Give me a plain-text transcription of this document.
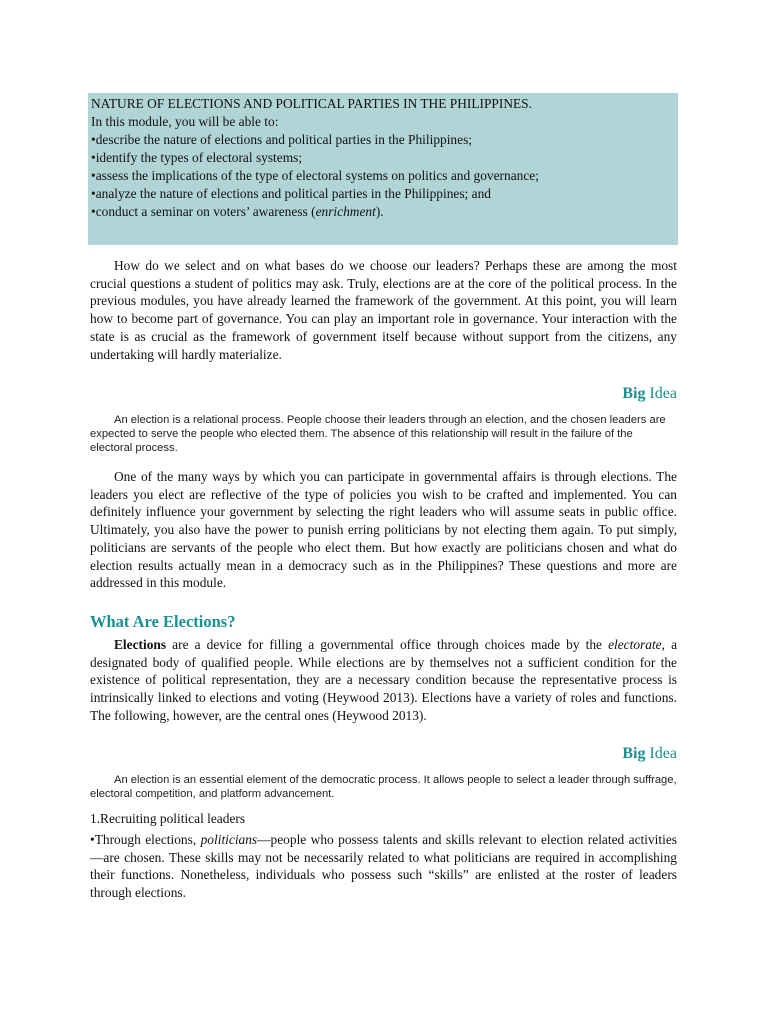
NATURE OF ELECTIONS AND POLITICAL PARTIES IN THE PHILIPPINES.

In this module, you will be able to:

•describe the nature of elections and political parties in the Philippines;

•identify the types of electoral systems;

•assess the implications of the type of electoral systems on politics and governance;

•analyze the nature of elections and political parties in the Philippines; and

•conduct a seminar on voters’ awareness (enrichment).

How do we select and on what bases do we choose our leaders? Perhaps these are among the most crucial questions a student of politics may ask. Truly, elections are at the core of the political process. In the previous modules, you have already learned the framework of the government. At this point, you will learn how to become part of governance. You can play an important role in governance. Your interaction with the state is as crucial as the framework of government itself because without support from the citizens, any undertaking will hardly materialize.

Big Idea

An election is a relational process. People choose their leaders through an election, and the chosen leaders are expected to serve the people who elected them. The absence of this relationship will result in the failure of the electoral process.

One of the many ways by which you can participate in governmental affairs is through elections. The leaders you elect are reflective of the type of policies you wish to be crafted and implemented. You can definitely influence your government by selecting the right leaders who will assume seats in public office. Ultimately, you also have the power to punish erring politicians by not electing them again. To put simply, politicians are servants of the people who elect them. But how exactly are politicians chosen and what do election results actually mean in a democracy such as in the Philippines? These questions and more are addressed in this module.

What Are Elections?

Elections are a device for filling a governmental office through choices made by the electorate, a designated body of qualified people. While elections are by themselves not a sufficient condition for the existence of political representation, they are a necessary condition because the representative process is intrinsically linked to elections and voting (Heywood 2013). Elections have a variety of roles and functions. The following, however, are the central ones (Heywood 2013).

Big Idea

An election is an essential element of the democratic process. It allows people to select a leader through suffrage, electoral competition, and platform advancement.

1.Recruiting political leaders

•Through elections, politicians—people who possess talents and skills relevant to election related activities—are chosen. These skills may not be necessarily related to what politicians are required in accomplishing their functions. Nonetheless, individuals who possess such “skills” are enlisted at the roster of leaders through elections.
